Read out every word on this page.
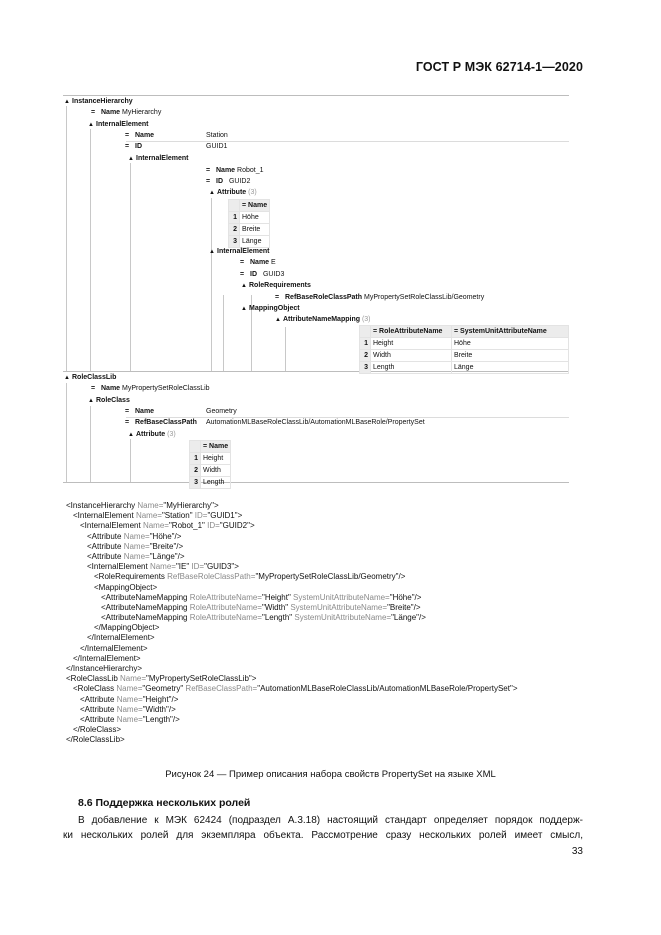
ГОСТ Р МЭК 62714-1—2020
▲ InstanceHierarchy
= Name MyHierarchy
▲ InternalElement
= Name	Station
= ID	GUID1
▲ InternalElement
= Name Robot_1
= ID GUID2
▲ Attribute (3)
	= Name
1	Höhe
2	Breite
3	Länge
▲ InternalElement
= Name E
= ID GUID3
▲ RoleRequirements
= RefBaseRoleClassPath MyPropertySetRoleClassLib/Geometry
▲ MappingObject
▲ AttributeNameMapping (3)
	= RoleAttributeName	= SystemUnitAttributeName
1	Height	Höhe
2	Width	Breite
3	Length	Länge
▲ RoleClassLib
= Name MyPropertySetRoleClassLib
▲ RoleClass
= Name	Geometry
= RefBaseClassPath AutomationMLBaseRoleClassLib/AutomationMLBaseRole/PropertySet
▲ Attribute (3)
	= Name
1	Height
2	Width
3	Length
<InstanceHierarchy Name="MyHierarchy">
<InternalElement Name="Station" ID="GUID1">
<InternalElement Name="Robot_1" ID="GUID2">
<Attribute Name="Höhe"/>
<Attribute Name="Breite"/>
<Attribute Name="Länge"/>
<InternalElement Name="IE" ID="GUID3">
<RoleRequirements RefBaseRoleClassPath="MyPropertySetRoleClassLib/Geometry"/>
<MappingObject>
<AttributeNameMapping RoleAttributeName="Height" SystemUnitAttributeName="Höhe"/>
<AttributeNameMapping RoleAttributeName="Width" SystemUnitAttributeName="Breite"/>
<AttributeNameMapping RoleAttributeName="Length" SystemUnitAttributeName="Länge"/>
</MappingObject>
</InternalElement>
</InternalElement>
</InternalElement>
</InstanceHierarchy>
<RoleClassLib Name="MyPropertySetRoleClassLib">
<RoleClass Name="Geometry" RefBaseClassPath="AutomationMLBaseRoleClassLib/AutomationMLBaseRole/PropertySet">
<Attribute Name="Height"/>
<Attribute Name="Width"/>
<Attribute Name="Length"/>
</RoleClass>
</RoleClassLib>
Рисунок 24 — Пример описания набора свойств PropertySet на языке XML
8.6 Поддержка нескольких ролей
В добавление к МЭК 62424 (подраздел A.3.18) настоящий стандарт определяет порядок поддерж-
ки нескольких ролей для экземпляра объекта. Рассмотрение сразу нескольких ролей имеет смысл,
33
